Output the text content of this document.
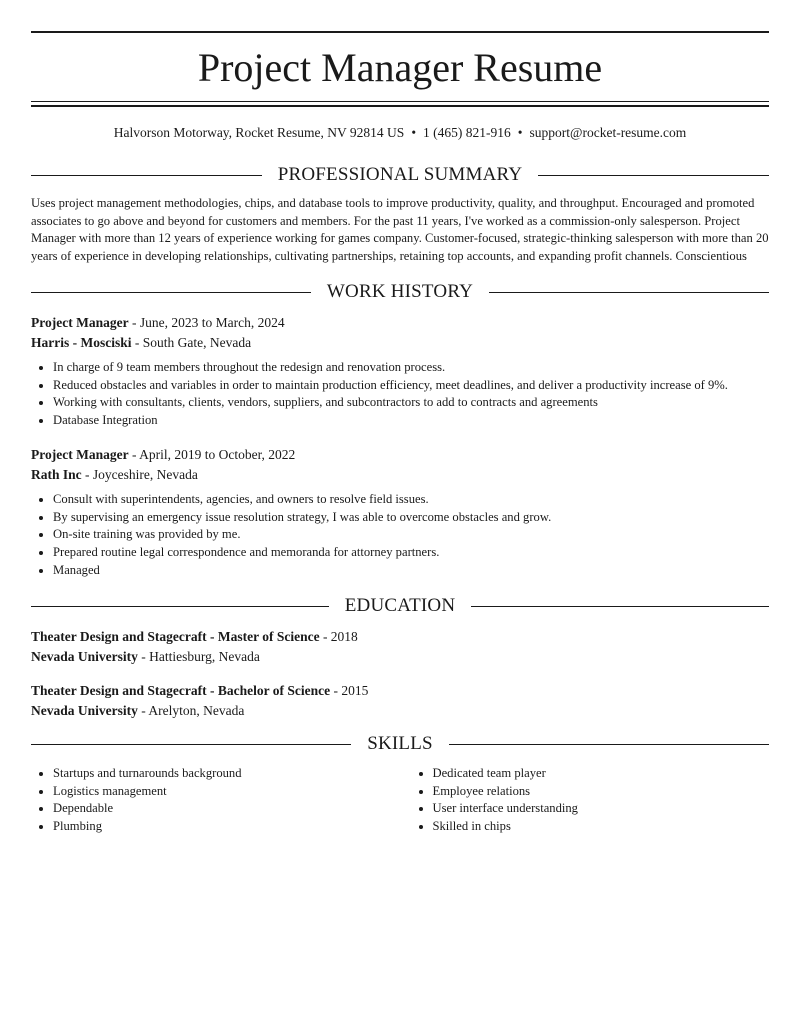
Project Manager Resume
Halvorson Motorway, Rocket Resume, NV 92814 US • 1 (465) 821-916 • support@rocket-resume.com
PROFESSIONAL SUMMARY

Uses project management methodologies, chips, and database tools to improve productivity, quality, and throughput. Encouraged and promoted associates to go above and beyond for customers and members. For the past 11 years, I've worked as a commission-only salesperson. Project Manager with more than 12 years of experience working for games company. Customer-focused, strategic-thinking salesperson with more than 20 years of experience in developing relationships, cultivating partnerships, retaining top accounts, and expanding profit channels. Conscientious

WORK HISTORY
Project Manager - June, 2023 to March, 2024
Harris - Mosciski - South Gate, Nevada
• In charge of 9 team members throughout the redesign and renovation process.
• Reduced obstacles and variables in order to maintain production efficiency, meet deadlines, and deliver a productivity increase of 9%.
• Working with consultants, clients, vendors, suppliers, and subcontractors to add to contracts and agreements
• Database Integration
Project Manager - April, 2019 to October, 2022
Rath Inc - Joyceshire, Nevada
• Consult with superintendents, agencies, and owners to resolve field issues.
• By supervising an emergency issue resolution strategy, I was able to overcome obstacles and grow.
• On-site training was provided by me.
• Prepared routine legal correspondence and memoranda for attorney partners.
• Managed
EDUCATION
Theater Design and Stagecraft - Master of Science - 2018
Nevada University - Hattiesburg, Nevada
Theater Design and Stagecraft - Bachelor of Science - 2015
Nevada University - Arelyton, Nevada
SKILLS
• Startups and turnarounds background
• Logistics management
• Dependable
• Plumbing
• Dedicated team player
• Employee relations
• User interface understanding
• Skilled in chips
